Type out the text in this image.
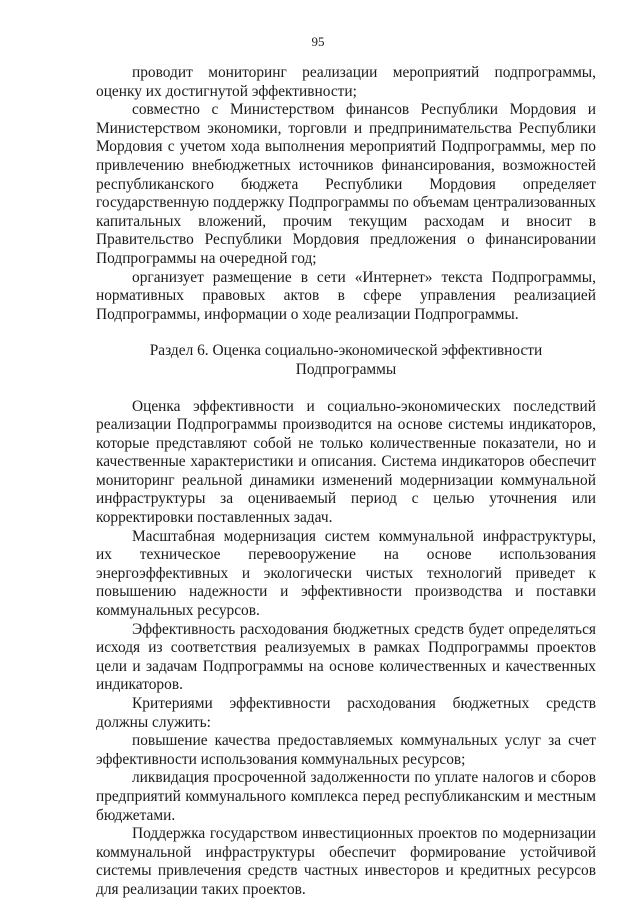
95

проводит мониторинг реализации мероприятий подпрограммы, оценку их достигнутой эффективности;

совместно с Министерством финансов Республики Мордовия и Министерством экономики, торговли и предпринимательства Республики Мордовия с учетом хода выполнения мероприятий Подпрограммы, мер по привлечению внебюджетных источников финансирования, возможностей республиканского бюджета Республики Мордовия определяет государственную поддержку Подпрограммы по объемам централизованных капитальных вложений, прочим текущим расходам и вносит в Правительство Республики Мордовия предложения о финансировании Подпрограммы на очередной год;

организует размещение в сети «Интернет» текста Подпрограммы, нормативных правовых актов в сфере управления реализацией Подпрограммы, информации о ходе реализации Подпрограммы.

Раздел 6. Оценка социально-экономической эффективности
Подпрограммы

Оценка эффективности и социально-экономических последствий реализации Подпрограммы производится на основе системы индикаторов, которые представляют собой не только количественные показатели, но и качественные характеристики и описания. Система индикаторов обеспечит мониторинг реальной динамики изменений модернизации коммунальной инфраструктуры за оцениваемый период с целью уточнения или корректировки поставленных задач.

Масштабная модернизация систем коммунальной инфраструктуры, их техническое перевооружение на основе использования энергоэффективных и экологически чистых технологий приведет к повышению надежности и эффективности производства и поставки коммунальных ресурсов.

Эффективность расходования бюджетных средств будет определяться исходя из соответствия реализуемых в рамках Подпрограммы проектов цели и задачам Подпрограммы на основе количественных и качественных индикаторов.

Критериями эффективности расходования бюджетных средств должны служить:

повышение качества предоставляемых коммунальных услуг за счет эффективности использования коммунальных ресурсов;

ликвидация просроченной задолженности по уплате налогов и сборов предприятий коммунального комплекса перед республиканским и местным бюджетами.

Поддержка государством инвестиционных проектов по модернизации коммунальной инфраструктуры обеспечит формирование устойчивой системы привлечения средств частных инвесторов и кредитных ресурсов для реализации таких проектов.
